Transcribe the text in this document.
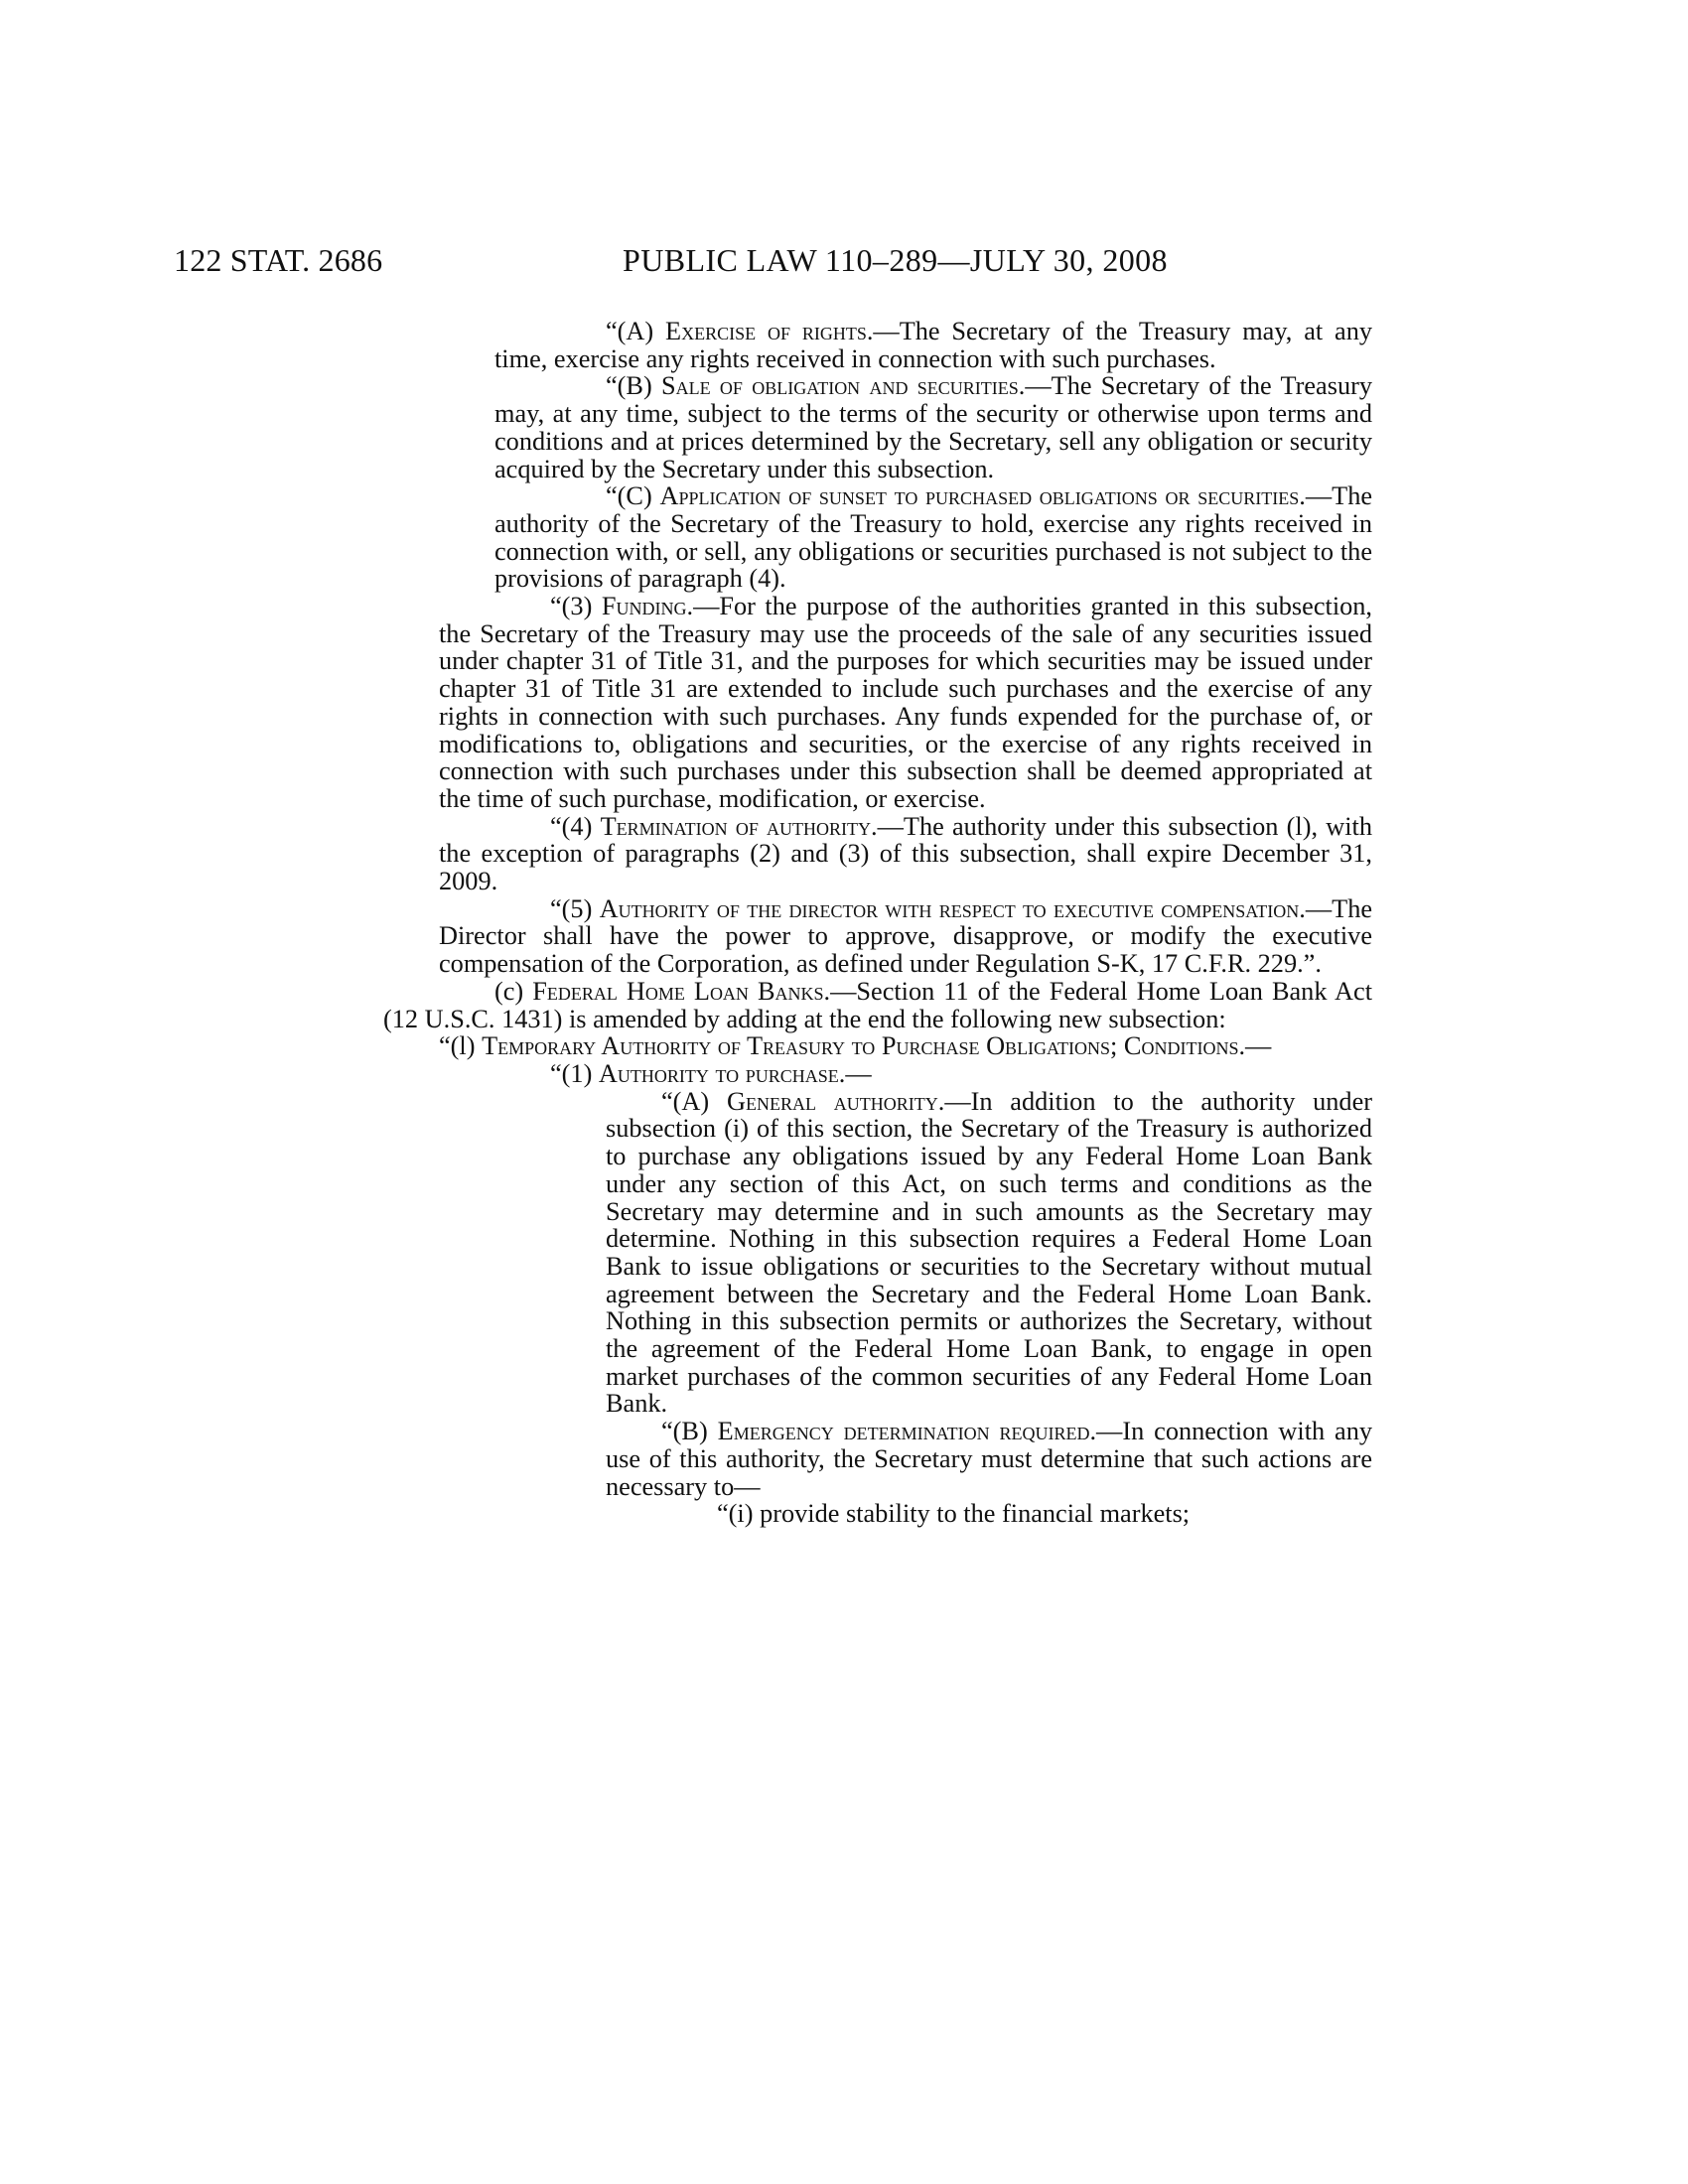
122 STAT. 2686	PUBLIC LAW 110–289—JULY 30, 2008

“(A) Exercise of rights.—The Secretary of the Treasury may, at any time, exercise any rights received in connection with such purchases.

“(B) Sale of obligation and securities.—The Secretary of the Treasury may, at any time, subject to the terms of the security or otherwise upon terms and conditions and at prices determined by the Secretary, sell any obligation or security acquired by the Secretary under this subsection.

“(C) Application of sunset to purchased obligations or securities.—The authority of the Secretary of the Treasury to hold, exercise any rights received in connection with, or sell, any obligations or securities purchased is not subject to the provisions of paragraph (4).

“(3) Funding.—For the purpose of the authorities granted in this subsection, the Secretary of the Treasury may use the proceeds of the sale of any securities issued under chapter 31 of Title 31, and the purposes for which securities may be issued under chapter 31 of Title 31 are extended to include such purchases and the exercise of any rights in connection with such purchases. Any funds expended for the purchase of, or modifications to, obligations and securities, or the exercise of any rights received in connection with such purchases under this subsection shall be deemed appropriated at the time of such purchase, modification, or exercise.

“(4) Termination of authority.—The authority under this subsection (l), with the exception of paragraphs (2) and (3) of this subsection, shall expire December 31, 2009.

“(5) Authority of the director with respect to executive compensation.—The Director shall have the power to approve, disapprove, or modify the executive compensation of the Corporation, as defined under Regulation S-K, 17 C.F.R. 229.”.

(c) Federal Home Loan Banks.—Section 11 of the Federal Home Loan Bank Act (12 U.S.C. 1431) is amended by adding at the end the following new subsection:

“(l) Temporary Authority of Treasury to Purchase Obligations; Conditions.—

“(1) Authority to purchase.—

“(A) General authority.—In addition to the authority under subsection (i) of this section, the Secretary of the Treasury is authorized to purchase any obligations issued by any Federal Home Loan Bank under any section of this Act, on such terms and conditions as the Secretary may determine and in such amounts as the Secretary may determine. Nothing in this subsection requires a Federal Home Loan Bank to issue obligations or securities to the Secretary without mutual agreement between the Secretary and the Federal Home Loan Bank. Nothing in this subsection permits or authorizes the Secretary, without the agreement of the Federal Home Loan Bank, to engage in open market purchases of the common securities of any Federal Home Loan Bank.

“(B) Emergency determination required.—In connection with any use of this authority, the Secretary must determine that such actions are necessary to—

“(i) provide stability to the financial markets;
